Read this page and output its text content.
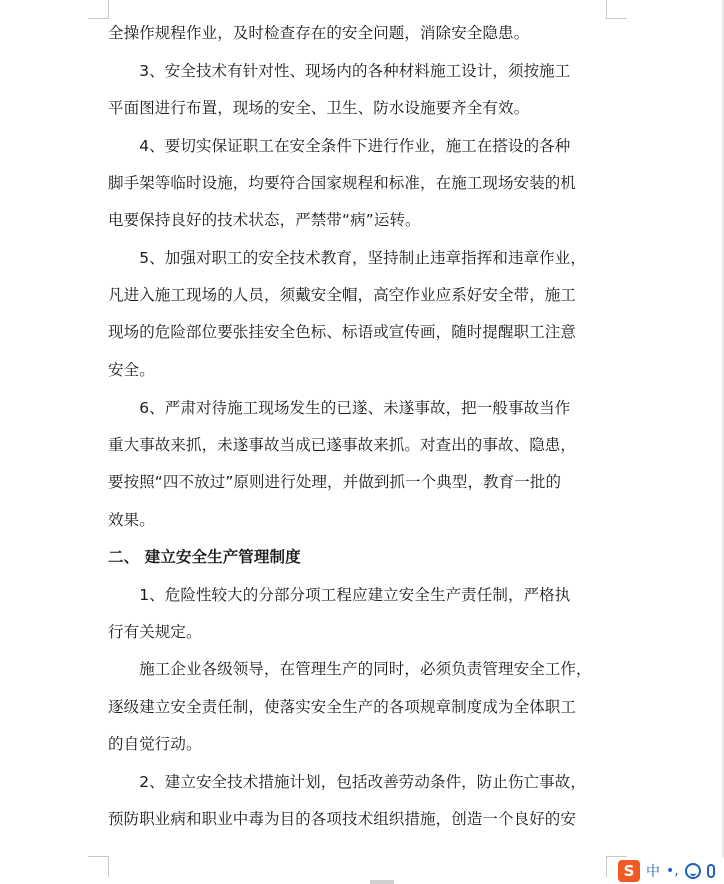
全操作规程作业，及时检查存在的安全问题，消除安全隐患。
　　3、安全技术有针对性、现场内的各种材料施工设计，须按施工
平面图进行布置，现场的安全、卫生、防水设施要齐全有效。
　　4、要切实保证职工在安全条件下进行作业，施工在搭设的各种
脚手架等临时设施，均要符合国家规程和标准，在施工现场安装的机
电要保持良好的技术状态，严禁带“病”运转。
　　5、加强对职工的安全技术教育，坚持制止违章指挥和违章作业，
凡进入施工现场的人员，须戴安全帽，高空作业应系好安全带，施工
现场的危险部位要张挂安全色标、标语或宣传画，随时提醒职工注意
安全。
　　6、严肃对待施工现场发生的已遂、未遂事故，把一般事故当作
重大事故来抓，未遂事故当成已遂事故来抓。对查出的事故、隐患，
要按照“四不放过”原则进行处理，并做到抓一个典型，教育一批的
效果。
二、 建立安全生产管理制度
　　1、危险性较大的分部分项工程应建立安全生产责任制，严格执
行有关规定。
　　施工企业各级领导，在管理生产的同时，必须负责管理安全工作，
逐级建立安全责任制，使落实安全生产的各项规章制度成为全体职工
的自觉行动。
　　2、建立安全技术措施计划，包括改善劳动条件，防止伤亡事故，
预防职业病和职业中毒为目的各项技术组织措施，创造一个良好的安
S 中 •,
